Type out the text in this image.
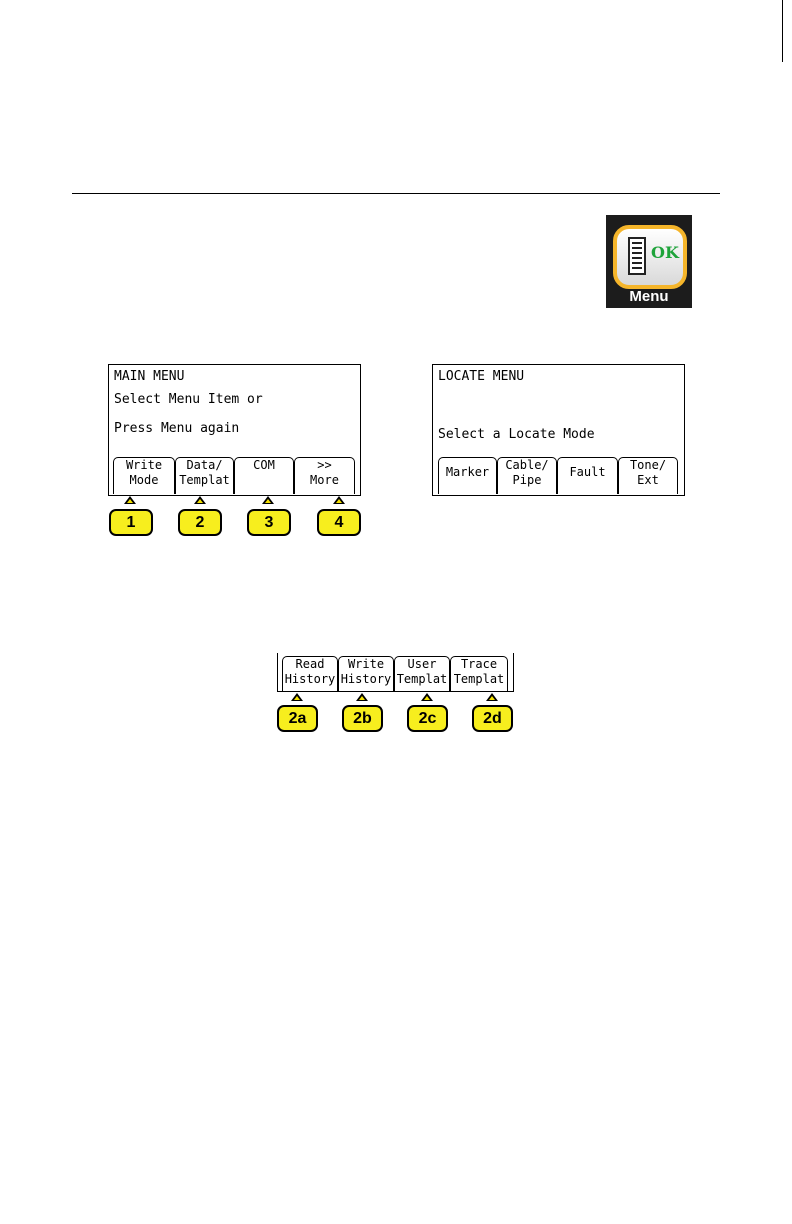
OK
Menu
MAIN MENU
Select Menu Item or
Press Menu again
Write
Mode
Data/
Templat
COM	>>
More
1	2	3	4
LOCATE MENU
Select a Locate Mode
Marker	Cable/
Pipe
Fault	Tone/
Ext
Read
History
Write
History
User
Templat
Trace
Templat
2a	2b	2c	2d
